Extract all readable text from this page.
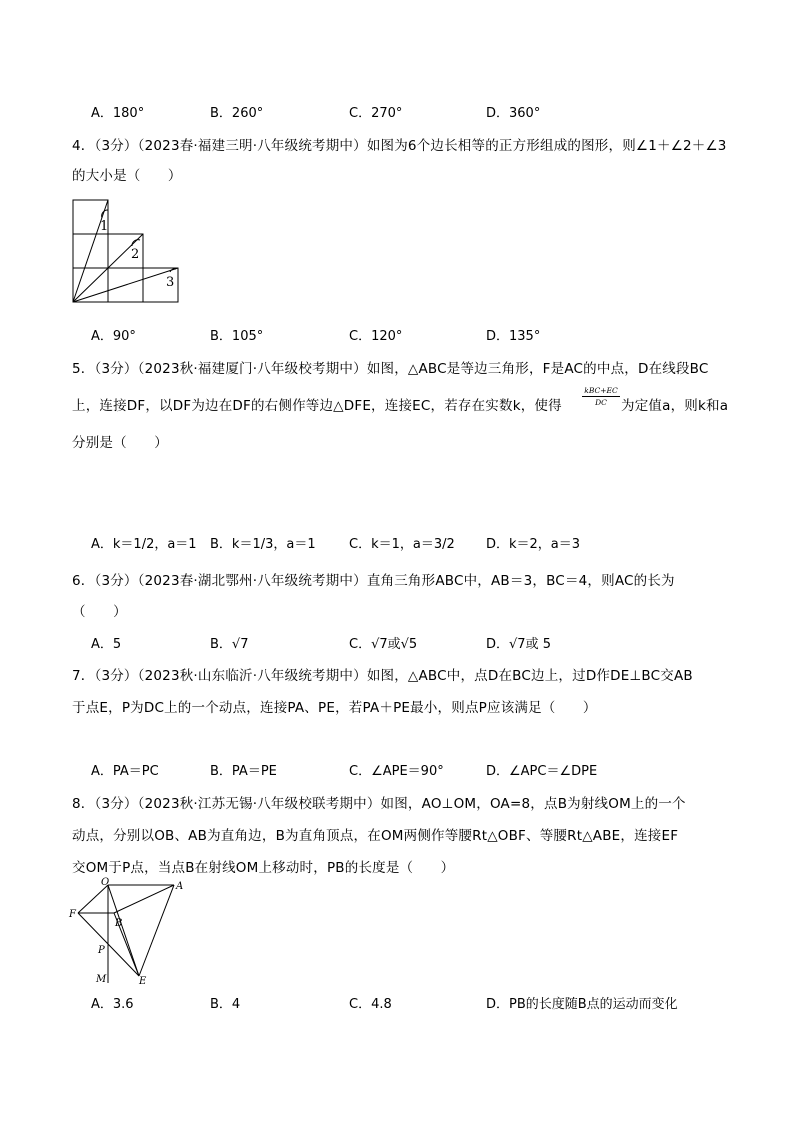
A．180°	B．260°	C．270°	D．360°
4．（3分）（2023春·福建三明·八年级统考期中）如图为6个边长相等的正方形组成的图形，则∠1＋∠2＋∠3
的大小是（　　）
1
2
3
A．90°	B．105°	C．120°	D．135°
5．（3分）（2023秋·福建厦门·八年级校考期中）如图，△ABC是等边三角形，F是AC的中点，D在线段BC
上，连接DF，以DF为边在DF的右侧作等边△DFE，连接EC，若存在实数k，使得
kBC+EC
DC	为定值a，则k和a
分别是（　　）
A．k＝1/2，a＝1 B．k＝1/3，a＝1	C．k＝1，a＝3/2 D．k＝2，a＝3
6．（3分）（2023春·湖北鄂州·八年级统考期中）直角三角形ABC中，AB＝3，BC＝4，则AC的长为
（　　）
A．5	B．√7	C．√7或√5	D．√7或 5
7．（3分）（2023秋·山东临沂·八年级统考期中）如图，△ABC中，点D在BC边上，过D作DE⊥BC交AB
于点E，P为DC上的一个动点，连接PA、PE，若PA＋PE最小，则点P应该满足（　　）
A．PA＝PC	B．PA＝PE	C．∠APE＝90°	D．∠APC＝∠DPE
8．（3分）（2023秋·江苏无锡·八年级校联考期中）如图，AO⊥OM，OA=8，点B为射线OM上的一个
动点，分别以OB、AB为直角边，B为直角顶点，在OM两侧作等腰Rt△OBF、等腰Rt△ABE，连接EF
交OM于P点，当点B在射线OM上移动时，PB的长度是（　　）
O	A
F
B
P
M	E
A．3.6	B．4	C．4.8	D．PB的长度随B点的运动而变化
